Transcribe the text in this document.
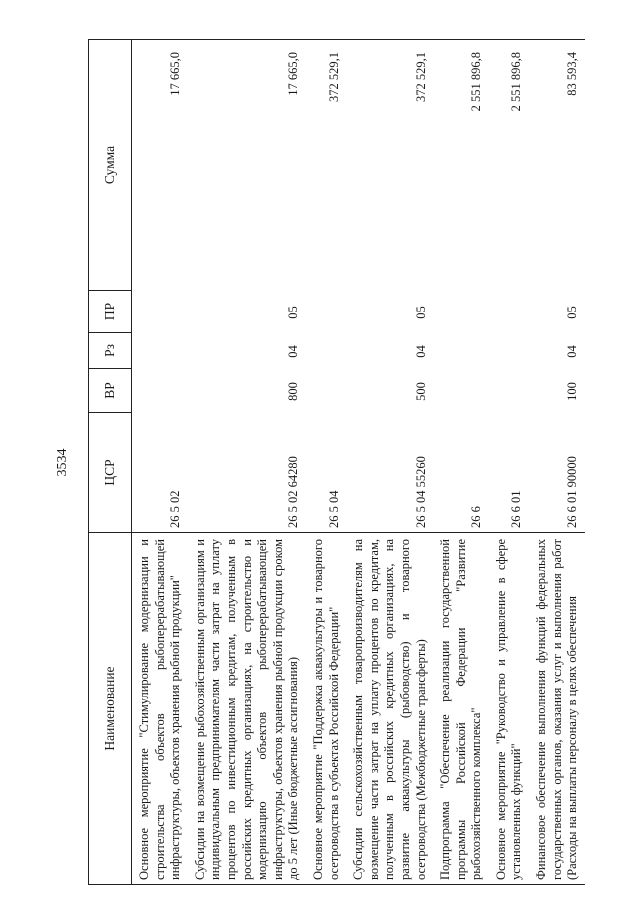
3534
Наименование	ЦСР	ВР	Рз	ПР	Сумма
Основное мероприятие "Стимулирование модернизации и строительства объектов рыбоперерабатывающей инфраструктуры, объектов хранения рыбной продукции"	26 5 02				17 665,0
Субсидии на возмещение рыбохозяйственным организациям и индивидуальным предпринимателям части затрат на уплату процентов по инвестиционным кредитам, полученным в российских кредитных организациях, на строительство и модернизацию объектов рыбоперерабатывающей инфраструктуры, объектов хранения рыбной продукции сроком до 5 лет (Иные бюджетные ассигнования)	26 5 02 64280	800	04	05	17 665,0
Основное мероприятие "Поддержка аквакультуры и товарного осетроводства в субъектах Российской Федерации"	26 5 04				372 529,1
Субсидии сельскохозяйственным товаропроизводителям на возмещение части затрат на уплату процентов по кредитам, полученным в российских кредитных организациях, на развитие аквакультуры (рыбоводство) и товарного осетроводства (Межбюджетные трансферты)	26 5 04 55260	500	04	05	372 529,1
Подпрограмма "Обеспечение реализации государственной программы Российской Федерации "Развитие рыбохозяйственного комплекса"	26 6				2 551 896,8
Основное мероприятие "Руководство и управление в сфере установленных функций"	26 6 01				2 551 896,8
Финансовое обеспечение выполнения функций федеральных государственных органов, оказания услуг и выполнения работ (Расходы на выплаты персоналу в целях обеспечения	26 6 01 90000	100	04	05	83 593,4
